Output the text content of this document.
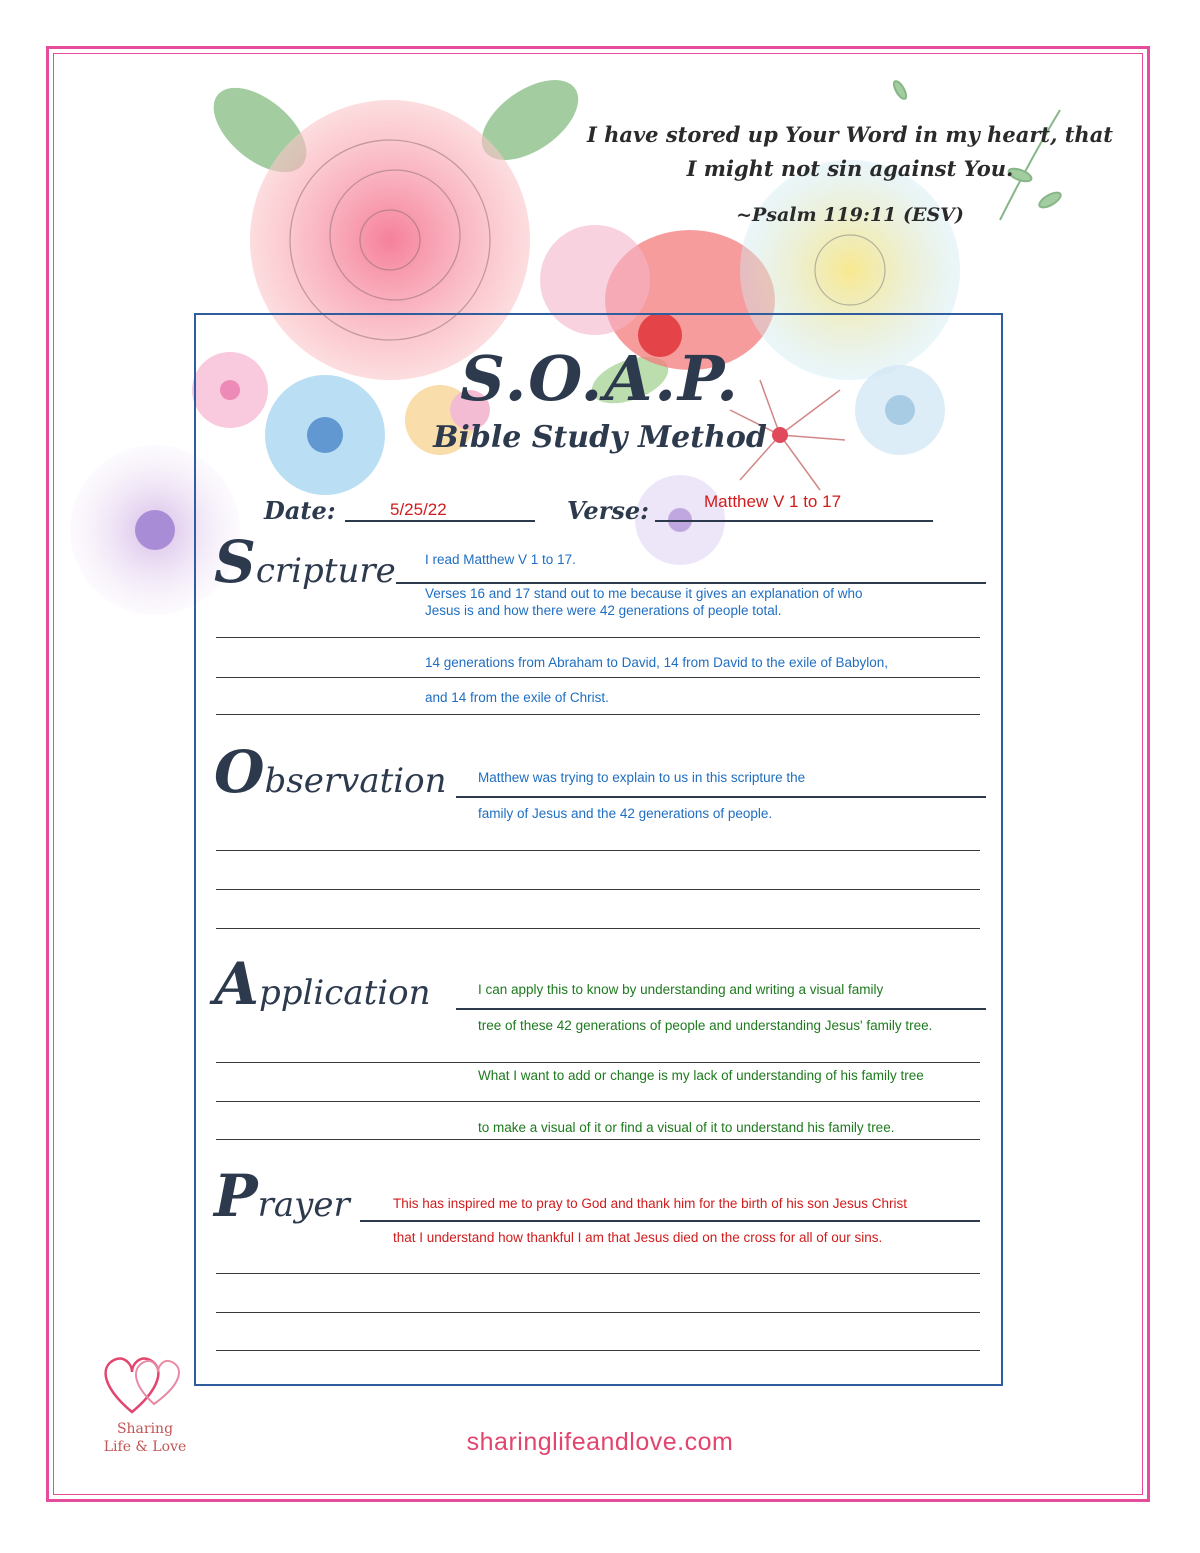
I have stored up Your Word in my heart, that
I might not sin against You.
~Psalm 119:11 (ESV)
S.O.A.P.
Bible Study Method
Date:	5/25/22	Verse:	Matthew V 1 to 17
Scripture I read Matthew V 1 to 17.
Verses 16 and 17 stand out to me because it gives an explanation of who
Jesus is and how there were 42 generations of people total.
14 generations from Abraham to David, 14 from David to the exile of Babylon,
and 14 from the exile of Christ.
Observation Matthew was trying to explain to us in this scripture the
family of Jesus and the 42 generations of people.
Application	I can apply this to know by understanding and writing a visual family
tree of these 42 generations of people and understanding Jesus' family tree.
What I want to add or change is my lack of understanding of his family tree
to make a visual of it or find a visual of it to understand his family tree.
Prayer	This has inspired me to pray to God and thank him for the birth of his son Jesus Christ
that I understand how thankful I am that Jesus died on the cross for all of our sins.
Sharing
Life & Love	sharinglifeandlove.com
